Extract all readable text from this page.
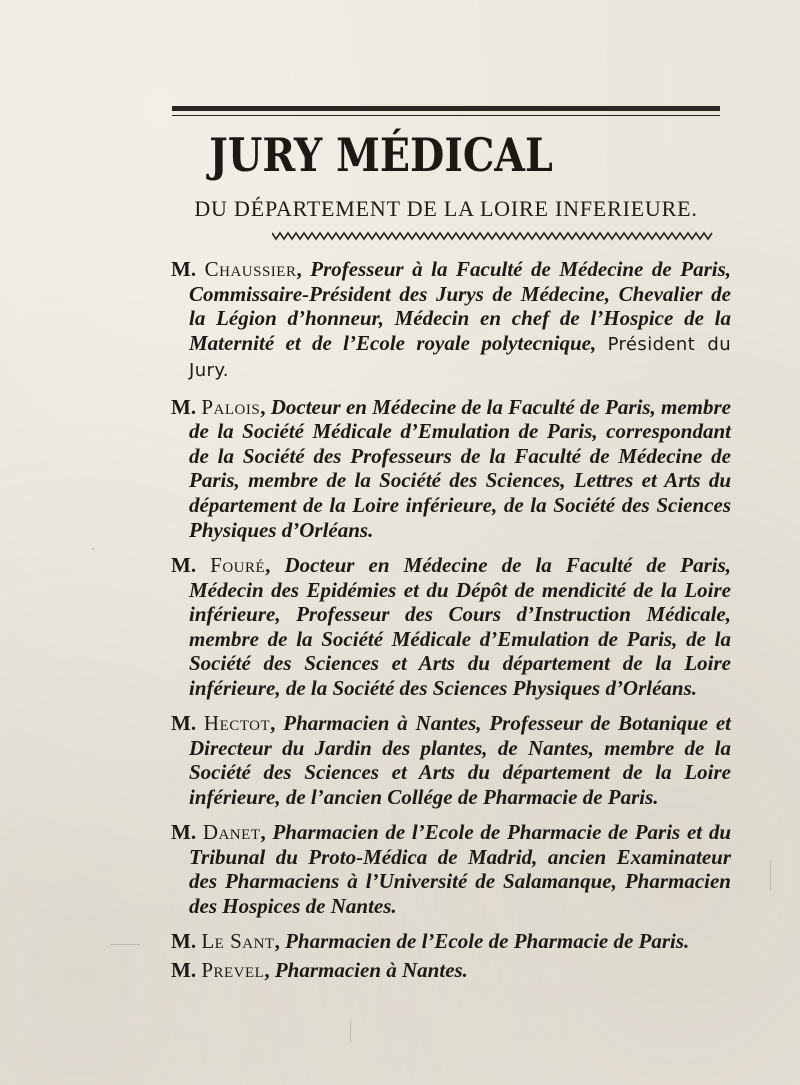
JURY MÉDICAL
DU DÉPARTEMENT DE LA LOIRE INFERIEURE.

M. Chaussier, Professeur à la Faculté de Médecine de Paris, Commissaire-Président des Jurys de Médecine, Chevalier de la Légion d’honneur, Médecin en chef de l’Hospice de la Maternité et de l’Ecole royale polytecnique, Président du Jury.

M. Palois, Docteur en Médecine de la Faculté de Paris, membre de la Société Médicale d’Emulation de Paris, correspondant de la Société des Professeurs de la Faculté de Médecine de Paris, membre de la Société des Sciences, Lettres et Arts du département de la Loire inférieure, de la Société des Sciences Physiques d’Orléans.

M. Fouré, Docteur en Médecine de la Faculté de Paris, Médecin des Epidémies et du Dépôt de mendicité de la Loire inférieure, Professeur des Cours d’Instruction Médicale, membre de la Société Médicale d’Emulation de Paris, de la Société des Sciences et Arts du département de la Loire inférieure, de la Société des Sciences Physiques d’Orléans.

M. Hectot, Pharmacien à Nantes, Professeur de Botanique et Directeur du Jardin des plantes, de Nantes, membre de la Société des Sciences et Arts du département de la Loire inférieure, de l’ancien Collége de Pharmacie de Paris.

M. Danet, Pharmacien de l’Ecole de Pharmacie de Paris et du Tribunal du Proto-Médica de Madrid, ancien Examinateur des Pharmaciens à l’Université de Salamanque, Pharmacien des Hospices de Nantes.

M. Le Sant, Pharmacien de l’Ecole de Pharmacie de Paris.

M. Prevel, Pharmacien à Nantes.
